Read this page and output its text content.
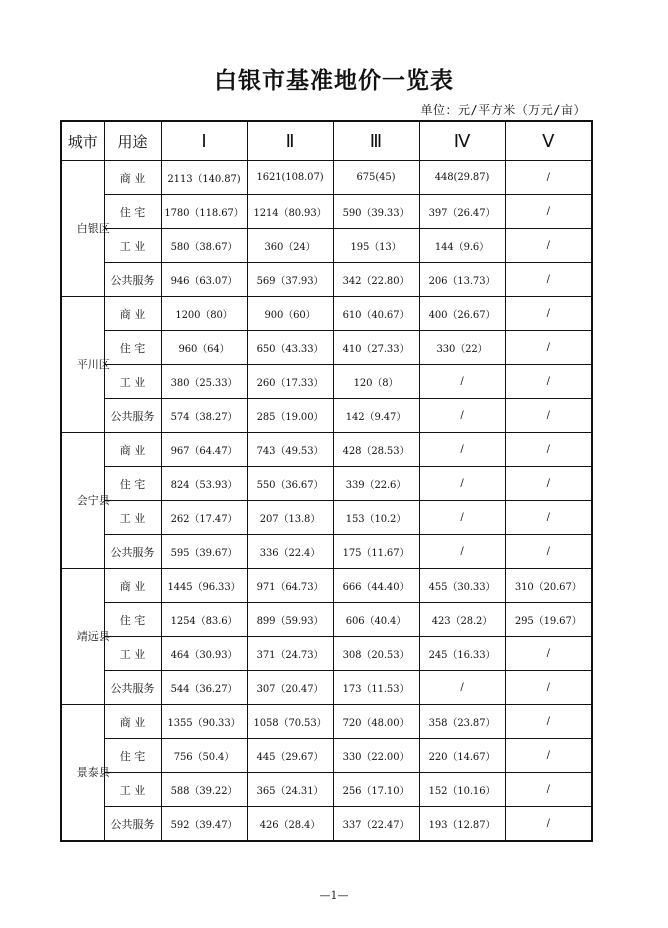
白银市基准地价一览表
单位：元/平方米（万元/亩）
城市	用途	Ⅰ	Ⅱ	Ⅲ	Ⅳ	Ⅴ
白银区	商 业	2113（140.87)	1621(108.07)	675(45)	448(29.87)	/
	住 宅	1780（118.67）	1214（80.93）	590（39.33）	397（26.47）	/
	工 业	580（38.67）	360（24）	195（13）	144（9.6）	/
	公共服务	946（63.07）	569（37.93）	342（22.80）	206（13.73）	/
平川区	商 业	1200（80）	900（60）	610（40.67）	400（26.67）	/
	住 宅	960（64）	650（43.33）	410（27.33）	330（22）	/
	工 业	380（25.33）	260（17.33）	120（8）	/	/
	公共服务	574（38.27）	285（19.00）	142（9.47）	/	/
会宁县	商 业	967（64.47）	743（49.53）	428（28.53）	/	/
	住 宅	824（53.93）	550（36.67）	339（22.6）	/	/
	工 业	262（17.47）	207（13.8）	153（10.2）	/	/
	公共服务	595（39.67）	336（22.4）	175（11.67）	/	/
靖远县	商 业	1445（96.33）	971（64.73）	666（44.40）	455（30.33）	310（20.67）
	住 宅	1254（83.6）	899（59.93）	606（40.4）	423（28.2）	295（19.67）
	工 业	464（30.93）	371（24.73）	308（20.53）	245（16.33）	/
	公共服务	544（36.27）	307（20.47）	173（11.53）	/	/
景泰县	商 业	1355（90.33）	1058（70.53）	720（48.00）	358（23.87）	/
	住 宅	756（50.4）	445（29.67）	330（22.00）	220（14.67）	/
	工 业	588（39.22）	365（24.31）	256（17.10）	152（10.16）	/
	公共服务	592（39.47）	426（28.4）	337（22.47）	193（12.87）	/
—1—
